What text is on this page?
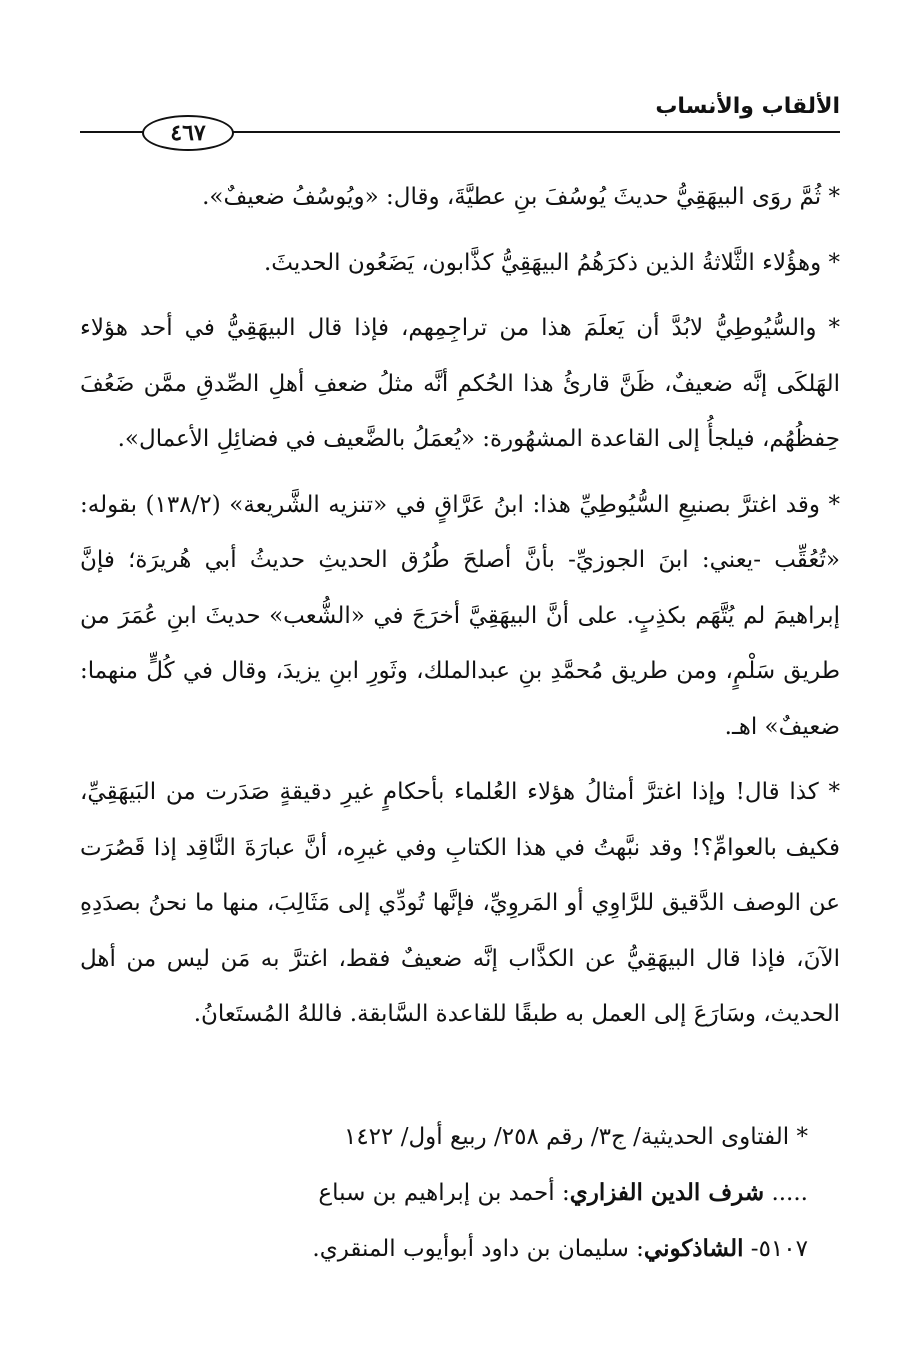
الألقاب والأنساب
٤٦٧

* ثُمَّ روَى البيهَقِيُّ حديثَ يُوسُفَ بنِ عطيَّةَ، وقال: «ويُوسُفُ ضعيفٌ».

* وهؤُلاء الثَّلاثةُ الذين ذكرَهُمُ البيهَقِيُّ كذَّابون، يَضَعُون الحديثَ.

* والسُّيُوطِيُّ لابُدَّ أن يَعلَمَ هذا من تراجِمِهم، فإذا قال البيهَقِيُّ في أحد هؤلاء الهَلكَى إنَّه ضعيفٌ، ظَنَّ قارئُ هذا الحُكمِ أنَّه مثلُ ضعفِ أهلِ الصِّدقِ ممَّن ضَعُفَ حِفظُهُم، فيلجأُ إلى القاعدة المشهُورة: «يُعمَلُ بالضَّعيف في فضائِلِ الأعمال».

* وقد اغترَّ بصنيعِ السُّيُوطِيِّ هذا: ابنُ عَرَّاقٍ في «تنزيه الشَّريعة» (١٣٨/٢) بقوله: «تُعُقِّب -يعني: ابنَ الجوزيِّ- بأنَّ أصلحَ طُرُق الحديثِ حديثُ أبي هُريرَة؛ فإنَّ إبراهيمَ لم يُتَّهَم بكذِبٍ. على أنَّ البيهَقِيَّ أخرَجَ في «الشُّعب» حديثَ ابنِ عُمَرَ من طريق سَلْمٍ، ومن طريق مُحمَّدِ بنِ عبدالملك، وثَورِ ابنِ يزيدَ، وقال في كُلٍّ منهما: ضعيفٌ» اهـ.

* كذا قال! وإذا اغترَّ أمثالُ هؤلاء العُلماء بأحكامٍ غيرِ دقيقةٍ صَدَرت من البَيهَقِيِّ، فكيف بالعوامِّ؟! وقد نبَّهتُ في هذا الكتابِ وفي غيرِه، أنَّ عبارَةَ النَّاقِد إذا قَصُرَت عن الوصف الدَّقيق للرَّاوِي أو المَروِيِّ، فإنَّها تُودِّي إلى مَثَالِبَ، منها ما نحنُ بصدَدِهِ الآنَ، فإذا قال البيهَقِيُّ عن الكذَّاب إنَّه ضعيفٌ فقط، اغترَّ به مَن ليس من أهل الحديث، وسَارَعَ إلى العمل به طبقًا للقاعدة السَّابقة. فاللهُ المُستَعانُ.

* الفتاوى الحديثية/ ج٣/ رقم ٢٥٨/ ربيع أول/ ١٤٢٢
..... شرف الدين الفزاري: أحمد بن إبراهيم بن سباع
٥١٠٧- الشاذكوني: سليمان بن داود أبوأيوب المنقري.
